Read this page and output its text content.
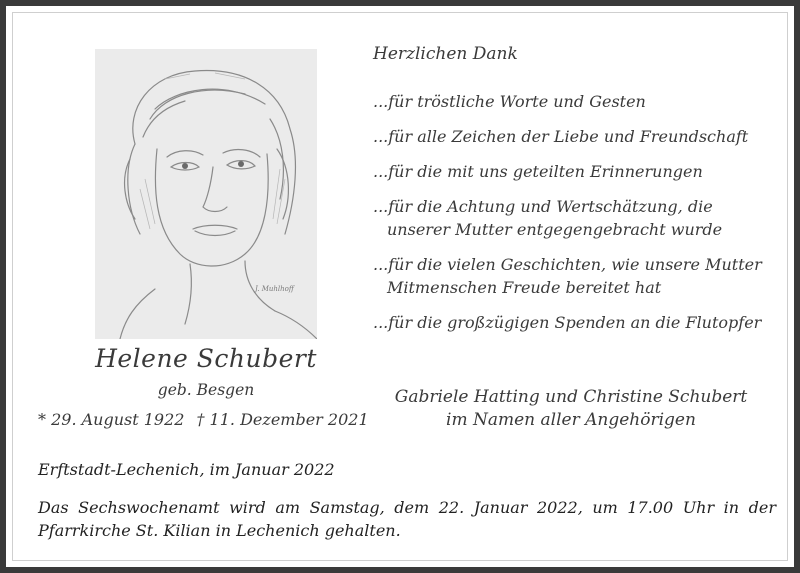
J. Muhlhoff
Helene Schubert
geb. Besgen
* 29. August 1922 † 11. Dezember 2021
Herzlichen Dank
...für tröstliche Worte und Gesten
...für alle Zeichen der Liebe und Freundschaft
...für die mit uns geteilten Erinnerungen
...für die Achtung und Wertschätzung, die
unserer Mutter entgegengebracht wurde
...für die vielen Geschichten, wie unsere Mutter
Mitmenschen Freude bereitet hat
...für die großzügigen Spenden an die Flutopfer
Gabriele Hatting und Christine Schubert
im Namen aller Angehörigen
Erftstadt-Lechenich, im Januar 2022
Das Sechswochenamt wird am Samstag, dem 22. Januar 2022, um 17.00 Uhr in der Pfarrkirche St. Kilian in Lechenich gehalten.
